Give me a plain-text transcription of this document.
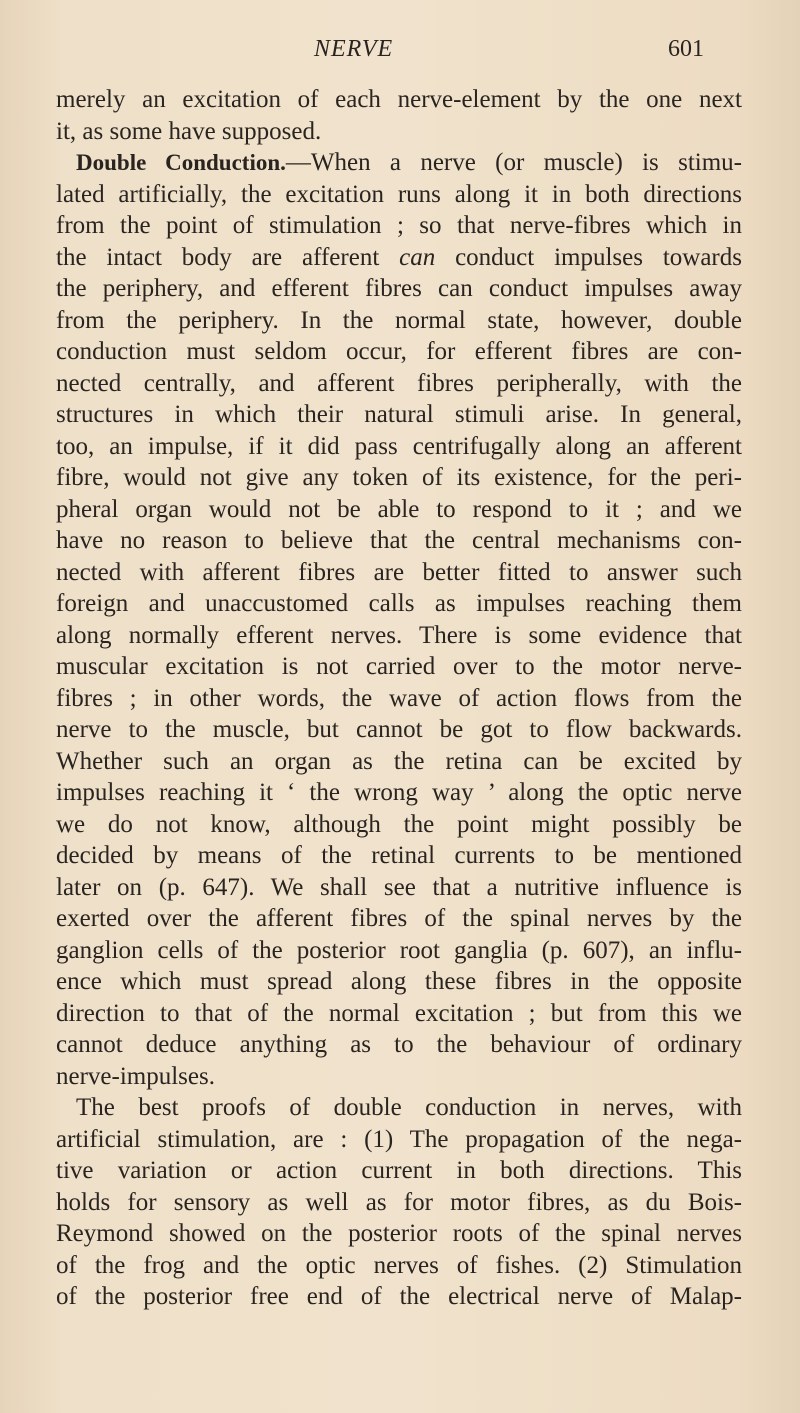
NERVE	601
merely an excitation of each nerve-element by the one next
it, as some have supposed.
Double Conduction.—When a nerve (or muscle) is stimu-
lated artificially, the excitation runs along it in both directions
from the point of stimulation ; so that nerve-fibres which in
the intact body are afferent can conduct impulses towards
the periphery, and efferent fibres can conduct impulses away
from the periphery. In the normal state, however, double
conduction must seldom occur, for efferent fibres are con-
nected centrally, and afferent fibres peripherally, with the
structures in which their natural stimuli arise. In general,
too, an impulse, if it did pass centrifugally along an afferent
fibre, would not give any token of its existence, for the peri-
pheral organ would not be able to respond to it ; and we
have no reason to believe that the central mechanisms con-
nected with afferent fibres are better fitted to answer such
foreign and unaccustomed calls as impulses reaching them
along normally efferent nerves. There is some evidence that
muscular excitation is not carried over to the motor nerve-
fibres ; in other words, the wave of action flows from the
nerve to the muscle, but cannot be got to flow backwards.
Whether such an organ as the retina can be excited by
impulses reaching it ‘ the wrong way ’ along the optic nerve
we do not know, although the point might possibly be
decided by means of the retinal currents to be mentioned
later on (p. 647). We shall see that a nutritive influence is
exerted over the afferent fibres of the spinal nerves by the
ganglion cells of the posterior root ganglia (p. 607), an influ-
ence which must spread along these fibres in the opposite
direction to that of the normal excitation ; but from this we
cannot deduce anything as to the behaviour of ordinary
nerve-impulses.
The best proofs of double conduction in nerves, with
artificial stimulation, are : (1) The propagation of the nega-
tive variation or action current in both directions. This
holds for sensory as well as for motor fibres, as du Bois-
Reymond showed on the posterior roots of the spinal nerves
of the frog and the optic nerves of fishes. (2) Stimulation
of the posterior free end of the electrical nerve of Malap-
